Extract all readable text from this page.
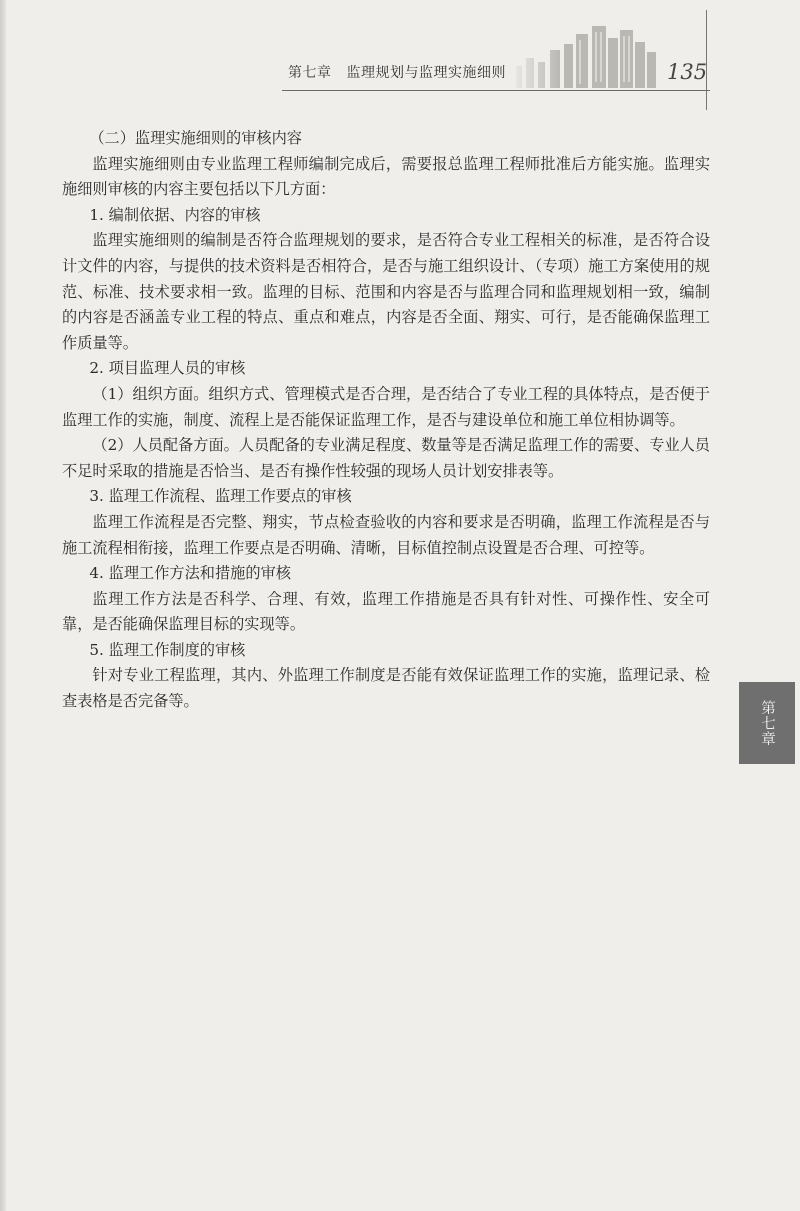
第七章 监理规划与监理实施细则	135

（二）监理实施细则的审核内容

监理实施细则由专业监理工程师编制完成后，需要报总监理工程师批准后方能实施。监理实施细则审核的内容主要包括以下几方面：

1. 编制依据、内容的审核

监理实施细则的编制是否符合监理规划的要求，是否符合专业工程相关的标准，是否符合设计文件的内容，与提供的技术资料是否相符合，是否与施工组织设计、（专项）施工方案使用的规范、标准、技术要求相一致。监理的目标、范围和内容是否与监理合同和监理规划相一致，编制的内容是否涵盖专业工程的特点、重点和难点，内容是否全面、翔实、可行，是否能确保监理工作质量等。

2. 项目监理人员的审核

（1）组织方面。组织方式、管理模式是否合理，是否结合了专业工程的具体特点，是否便于监理工作的实施，制度、流程上是否能保证监理工作，是否与建设单位和施工单位相协调等。

（2）人员配备方面。人员配备的专业满足程度、数量等是否满足监理工作的需要、专业人员不足时采取的措施是否恰当、是否有操作性较强的现场人员计划安排表等。

3. 监理工作流程、监理工作要点的审核

监理工作流程是否完整、翔实，节点检查验收的内容和要求是否明确，监理工作流程是否与施工流程相衔接，监理工作要点是否明确、清晰，目标值控制点设置是否合理、可控等。

4. 监理工作方法和措施的审核

监理工作方法是否科学、合理、有效，监理工作措施是否具有针对性、可操作性、安全可靠，是否能确保监理目标的实现等。

5. 监理工作制度的审核

针对专业工程监理，其内、外监理工作制度是否能有效保证监理工作的实施，监理记录、检查表格是否完备等。	第七章
